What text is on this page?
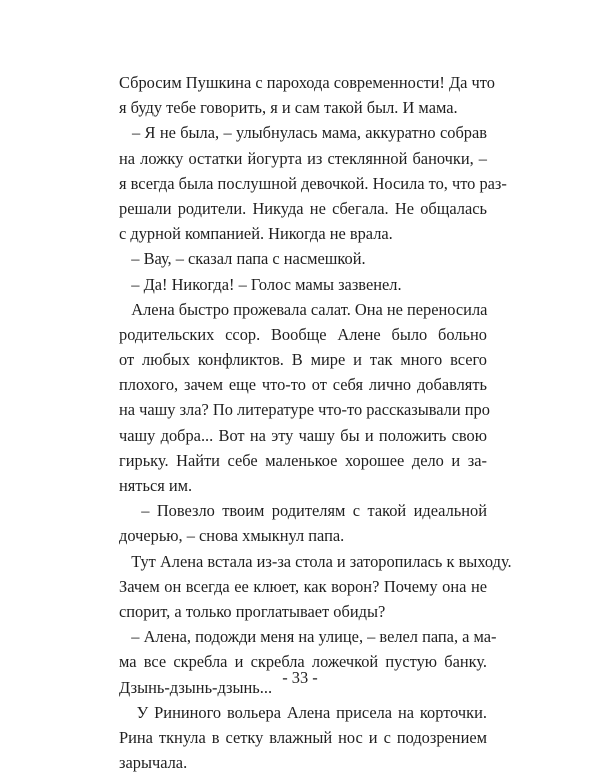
Сбросим Пушкина с парохода современности! Да что
я буду тебе говорить, я и сам такой был. И мама.
– Я не была, – улыбнулась мама, аккуратно собрав
на ложку остатки йогурта из стеклянной баночки, –
я всегда была послушной девочкой. Носила то, что раз-
решали родители. Никуда не сбегала. Не общалась
с дурной компанией. Никогда не врала.
– Вау, – сказал папа с насмешкой.
– Да! Никогда! – Голос мамы зазвенел.
Алена быстро прожевала салат. Она не переносила
родительских ссор. Вообще Алене было больно
от любых конфликтов. В мире и так много всего
плохого, зачем еще что-то от себя лично добавлять
на чашу зла? По литературе что-то рассказывали про
чашу добра... Вот на эту чашу бы и положить свою
гирьку. Найти себе маленькое хорошее дело и за-
няться им.
– Повезло твоим родителям с такой идеальной
дочерью, – снова хмыкнул папа.
Тут Алена встала из-за стола и заторопилась к выходу.
Зачем он всегда ее клюет, как ворон? Почему она не
спорит, а только проглатывает обиды?
– Алена, подожди меня на улице, – велел папа, а ма-
ма все скребла и скребла ложечкой пустую банку.
Дзынь-дзынь-дзынь...
У Рининого вольера Алена присела на корточки.
Рина ткнула в сетку влажный нос и с подозрением
зарычала.
- 33 -
